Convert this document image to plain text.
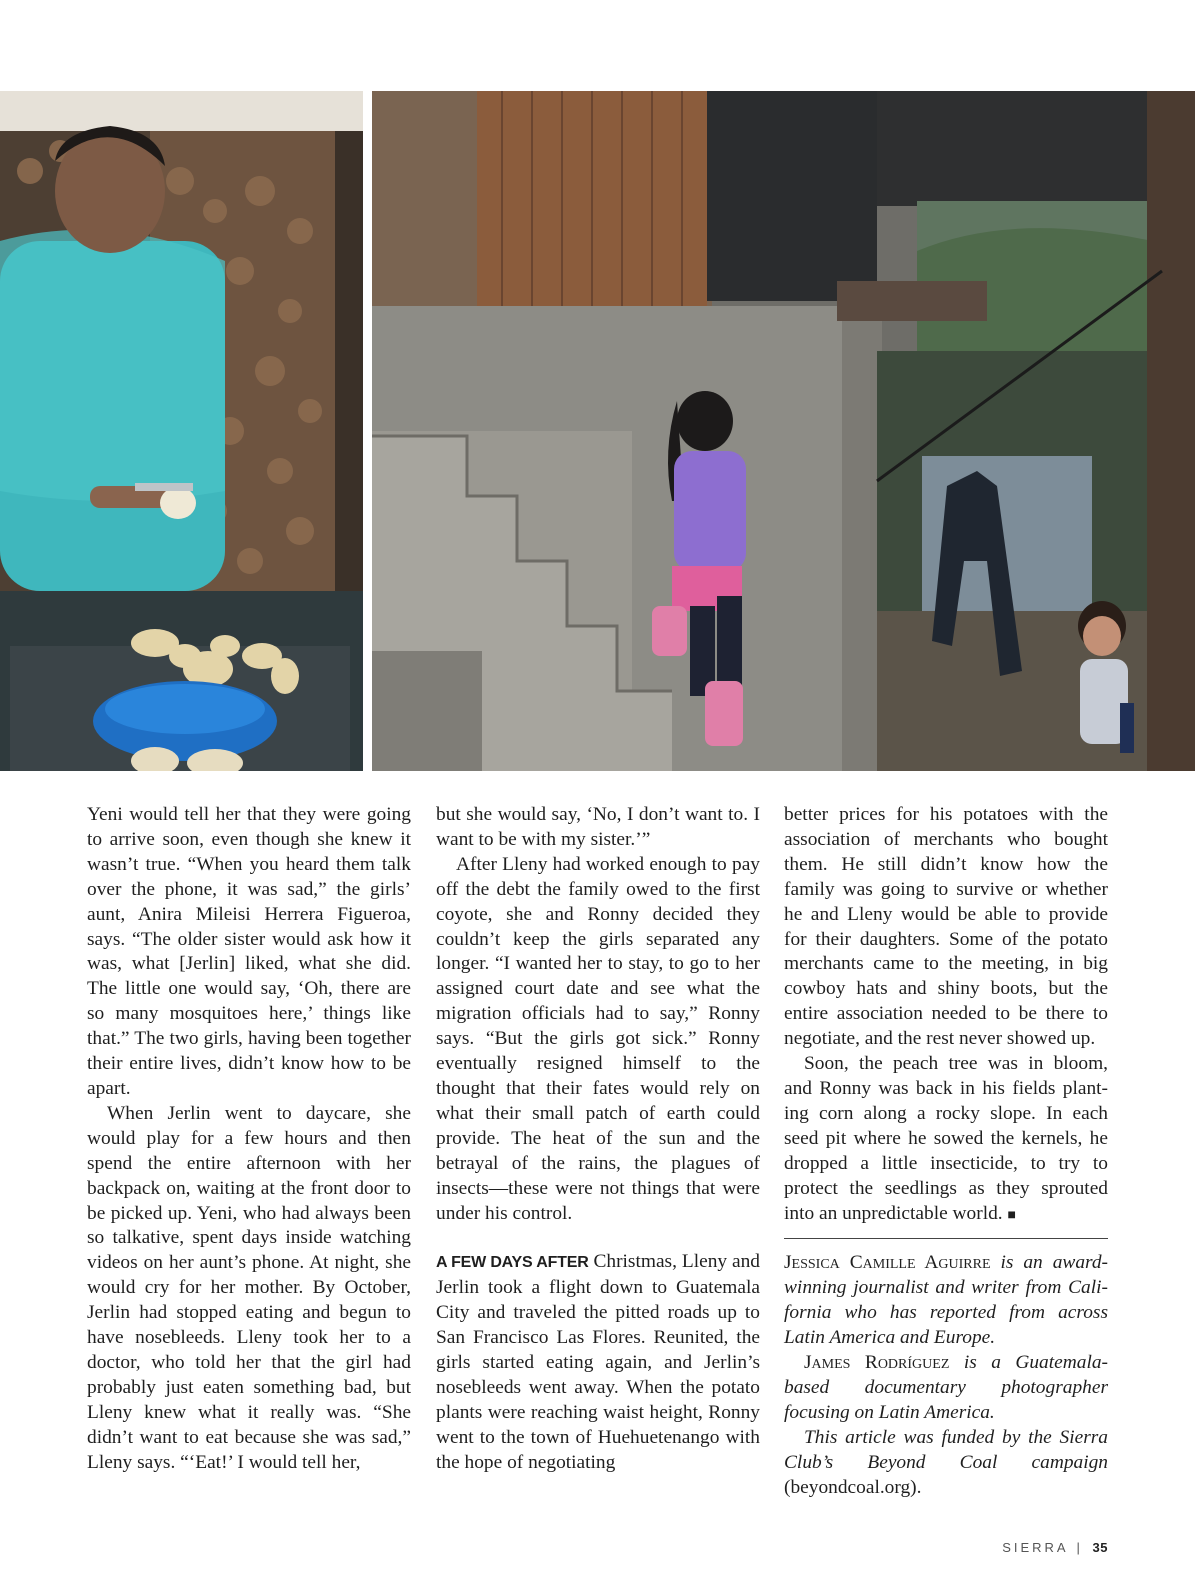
Yeni would tell her that they were going to arrive soon, even though she knew it wasn’t true. “When you heard them talk over the phone, it was sad,” the girls’ aunt, Anira Mileisi Herrera Figueroa, says. “The older sister would ask how it was, what [Jerlin] liked, what she did. The little one would say, ‘Oh, there are so many mosquitoes here,’ things like that.” The two girls, having been together their entire lives, didn’t know how to be apart.

When Jerlin went to daycare, she would play for a few hours and then spend the entire afternoon with her backpack on, waiting at the front door to be picked up. Yeni, who had always been so talkative, spent days inside watching videos on her aunt’s phone. At night, she would cry for her mother. By October, Jerlin had stopped eating and begun to have nosebleeds. Lleny took her to a doctor, who told her that the girl had probably just eaten something bad, but Lleny knew what it really was. “She didn’t want to eat because she was sad,” Lleny says. “‘Eat!’ I would tell her,

but she would say, ‘No, I don’t want to. I want to be with my sister.’”

After Lleny had worked enough to pay off the debt the family owed to the first coyote, she and Ronny decided they couldn’t keep the girls separated any longer. “I wanted her to stay, to go to her assigned court date and see what the migration officials had to say,” Ronny says. “But the girls got sick.” Ronny eventually resigned himself to the thought that their fates would rely on what their small patch of earth could provide. The heat of the sun and the betrayal of the rains, the plagues of insects—these were not things that were under his control.

A FEW DAYS AFTER Christmas, Lleny and Jerlin took a flight down to Guatemala City and traveled the pitted roads up to San Francisco Las Flores. Reunited, the girls started eating again, and Jerlin’s nosebleeds went away. When the potato plants were reaching waist height, Ronny went to the town of Huehuetenango with the hope of negotiating

better prices for his potatoes with the association of merchants who bought them. He still didn’t know how the family was going to survive or whether he and Lleny would be able to provide for their daughters. Some of the potato merchants came to the meeting, in big cowboy hats and shiny boots, but the entire association needed to be there to negotiate, and the rest never showed up.

Soon, the peach tree was in bloom, and Ronny was back in his fields planting corn along a rocky slope. In each seed pit where he sowed the kernels, he dropped a little insecticide, to try to protect the seedlings as they sprouted into an unpredictable world. ■

Jessica Camille Aguirre is an award-winning journalist and writer from California who has reported from across Latin America and Europe.

James Rodríguez is a Guatemala-based documentary photographer focusing on Latin America.

This article was funded by the Sierra Club’s Beyond Coal campaign (beyondcoal.org).

SIERRA | 35
